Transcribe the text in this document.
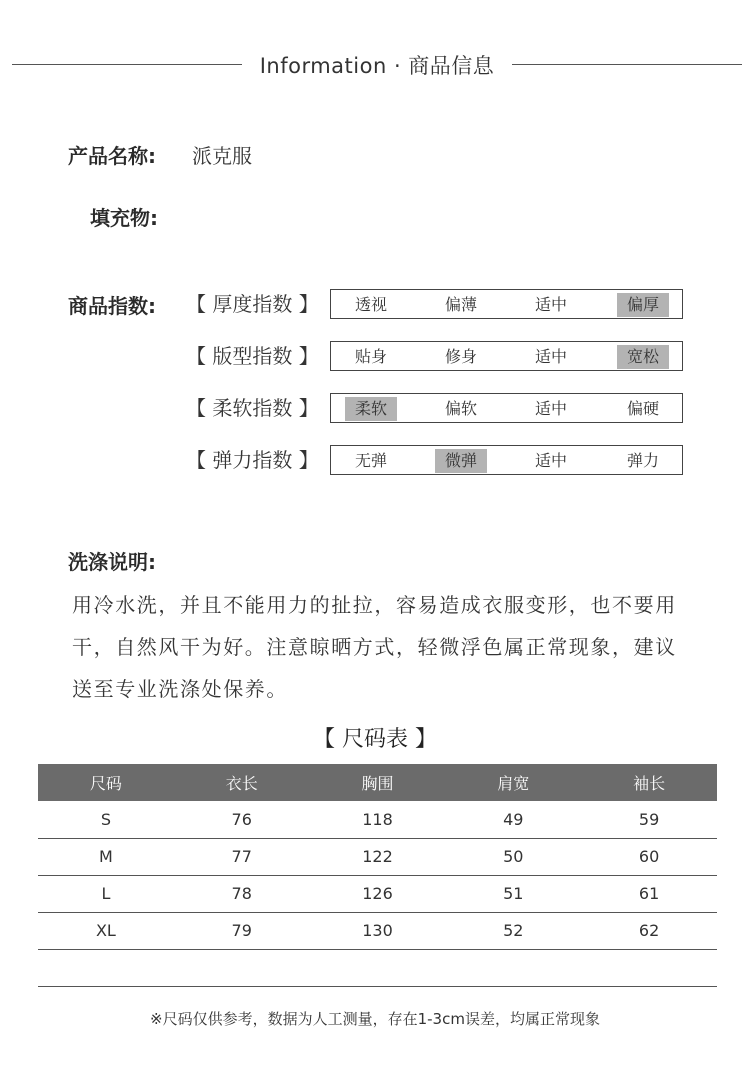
Information · 商品信息
产品名称: 派克服
填充物:
商品指数: 【 厚度指数 】	透视	偏薄	适中	偏厚
【 版型指数 】	贴身	修身	适中	宽松
【 柔软指数 】	柔软	偏软	适中	偏硬
【 弹力指数 】	无弹	微弹	适中	弹力
洗涤说明:
用冷水洗，并且不能用力的扯拉，容易造成衣服变形，也不要用干，自然风干为好。注意晾晒方式，轻微浮色属正常现象，建议送至专业洗涤处保养。
【 尺码表 】
尺码	衣长	胸围	肩宽	袖长
S	76	118	49	59
M	77	122	50	60
L	78	126	51	61
XL	79	130	52	62
※尺码仅供参考，数据为人工测量，存在1-3cm误差，均属正常现象
